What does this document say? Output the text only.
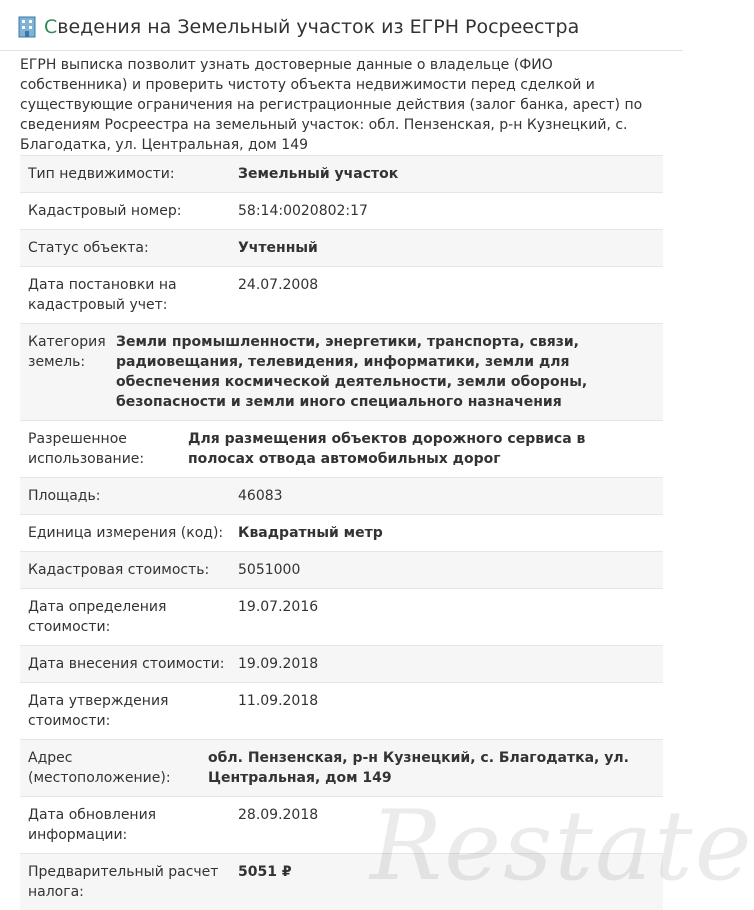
Сведения на Земельный участок из ЕГРН Росреестра
ЕГРН выписка позволит узнать достоверные данные о владельце (ФИО собственника) и проверить чистоту объекта недвижимости перед сделкой и существующие ограничения на регистрационные действия (залог банка, арест) по сведениям Росреестра на земельный участок: обл. Пензенская, р-н Кузнецкий, с. Благодатка, ул. Центральная, дом 149
Тип недвижимости:	Земельный участок
Кадастровый номер:	58:14:0020802:17
Статус объекта:	Учтенный
Дата постановки на кадастровый учет:
24.07.2008
Категория земель:
Земли промышленности, энергетики, транспорта, связи, радиовещания, телевидения, информатики, земли для обеспечения космической деятельности, земли обороны, безопасности и земли иного специального назначения
Разрешенное использование:
Для размещения объектов дорожного сервиса в полосах отвода автомобильных дорог
Площадь:	46083
Единица измерения (код):	Квадратный метр
Кадастровая стоимость:	5051000
Дата определения стоимости:
19.07.2016
Дата внесения стоимости: 19.09.2018
Дата утверждения стоимости:
11.09.2018
Адрес (местоположение):
обл. Пензенская, р-н Кузнецкий, с. Благодатка, ул. Центральная, дом 149
Дата обновления информации:
28.09.2018
Предварительный расчет налога:
5051 ₽ Restate
